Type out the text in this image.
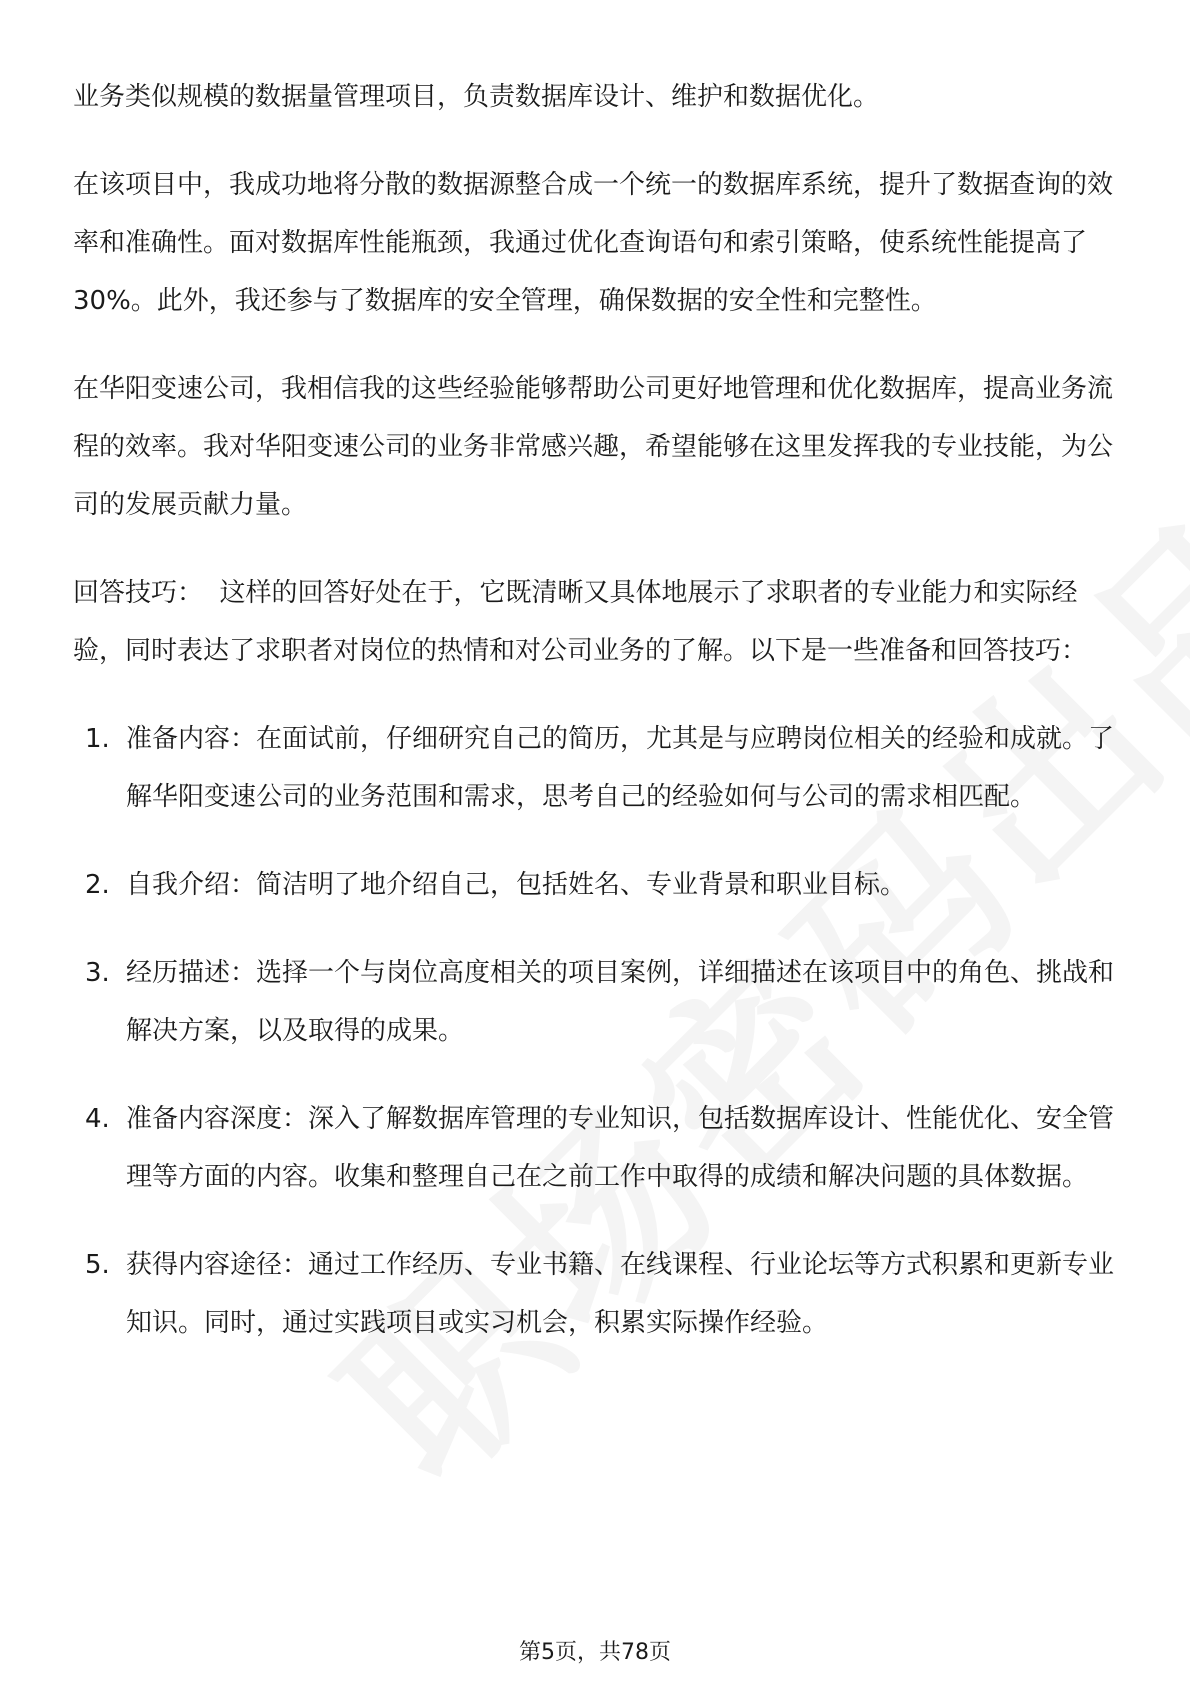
业务类似规模的数据量管理项目，负责数据库设计、维护和数据优化。

在该项目中，我成功地将分散的数据源整合成一个统一的数据库系统，提升了数据查询的效率和准确性。面对数据库性能瓶颈，我通过优化查询语句和索引策略，使系统性能提高了30%。此外，我还参与了数据库的安全管理，确保数据的安全性和完整性。

在华阳变速公司，我相信我的这些经验能够帮助公司更好地管理和优化数据库，提高业务流程的效率。我对华阳变速公司的业务非常感兴趣，希望能够在这里发挥我的专业技能，为公司的发展贡献力量。

回答技巧：  这样的回答好处在于，它既清晰又具体地展示了求职者的专业能力和实际经验，同时表达了求职者对岗位的热情和对公司业务的了解。以下是一些准备和回答技巧：

1. 准备内容：在面试前，仔细研究自己的简历，尤其是与应聘岗位相关的经验和成就。了解华阳变速公司的业务范围和需求，思考自己的经验如何与公司的需求相匹配。
2. 自我介绍：简洁明了地介绍自己，包括姓名、专业背景和职业目标。
3. 经历描述：选择一个与岗位高度相关的项目案例，详细描述在该项目中的角色、挑战和解决方案，以及取得的成果。
4. 准备内容深度：深入了解数据库管理的专业知识，包括数据库设计、性能优化、安全管理等方面的内容。收集和整理自己在之前工作中取得的成绩和解决问题的具体数据。
5. 获得内容途径：通过工作经历、专业书籍、在线课程、行业论坛等方式积累和更新专业知识。同时，通过实践项目或实习机会，积累实际操作经验。
第5页，共78页
